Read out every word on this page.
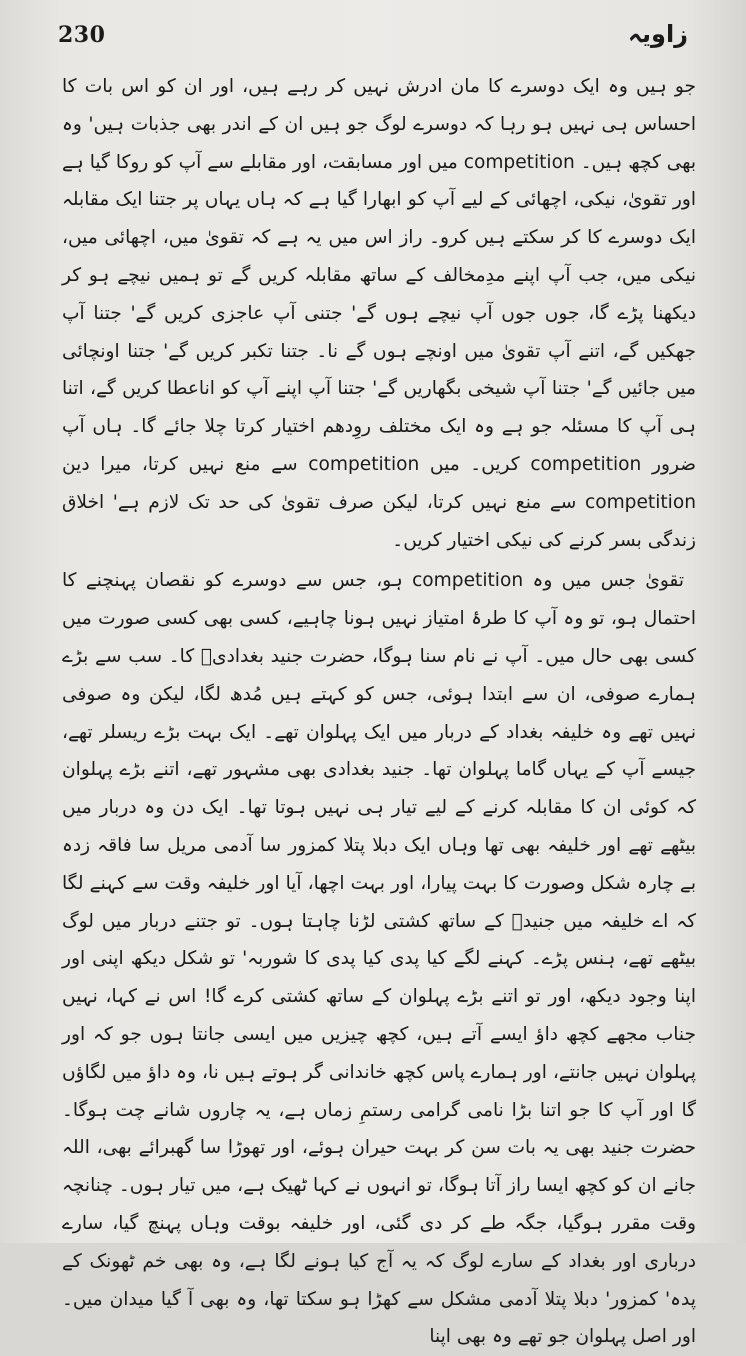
230	زاویہ

جو ہیں وہ ایک دوسرے کا مان ادرش نہیں کر رہے ہیں، اور ان کو اس بات کا احساس ہی نہیں ہو رہا کہ دوسرے لوگ جو ہیں ان کے اندر بھی جذبات ہیں' وہ بھی کچھ ہیں۔ competition میں اور مسابقت، اور مقابلے سے آپ کو روکا گیا ہے اور تقویٰ، نیکی، اچھائی کے لیے آپ کو ابھارا گیا ہے کہ ہاں یہاں پر جتنا ایک مقابلہ ایک دوسرے کا کر سکتے ہیں کرو۔ راز اس میں یہ ہے کہ تقویٰ میں، اچھائی میں، نیکی میں، جب آپ اپنے مدِمخالف کے ساتھ مقابلہ کریں گے تو ہمیں نیچے ہو کر دیکھنا پڑے گا، جوں جوں آپ نیچے ہوں گے' جتنی آپ عاجزی کریں گے' جتنا آپ جھکیں گے، اتنے آپ تقویٰ میں اونچے ہوں گے نا۔ جتنا تکبر کریں گے' جتنا اونچائی میں جائیں گے' جتنا آپ شیخی بگھاریں گے' جتنا آپ اپنے آپ کو اناعطا کریں گے، اتنا ہی آپ کا مسئلہ جو ہے وہ ایک مختلف روِدھم اختیار کرتا چلا جائے گا۔ ہاں آپ ضرور competition کریں۔ میں competition سے منع نہیں کرتا، میرا دین competition سے منع نہیں کرتا، لیکن صرف تقویٰ کی حد تک لازم ہے' اخلاق زندگی بسر کرنے کی نیکی اختیار کریں۔

تقویٰ جس میں وہ competition ہو، جس سے دوسرے کو نقصان پہنچنے کا احتمال ہو، تو وہ آپ کا طرۂ امتیاز نہیں ہونا چاہیے، کسی بھی کسی صورت میں کسی بھی حال میں۔ آپ نے نام سنا ہوگا، حضرت جنید بغدادیؒ کا۔ سب سے بڑے ہمارے صوفی، ان سے ابتدا ہوئی، جس کو کہتے ہیں مُدھ لگا، لیکن وہ صوفی نہیں تھے وہ خلیفہ بغداد کے دربار میں ایک پہلوان تھے۔ ایک بہت بڑے ریسلر تھے، جیسے آپ کے یہاں گاما پہلوان تھا۔ جنید بغدادی بھی مشہور تھے، اتنے بڑے پہلوان کہ کوئی ان کا مقابلہ کرنے کے لیے تیار ہی نہیں ہوتا تھا۔ ایک دن وہ دربار میں بیٹھے تھے اور خلیفہ بھی تھا وہاں ایک دبلا پتلا کمزور سا آدمی مریل سا فاقہ زدہ بے چارہ شکل وصورت کا بہت پیارا، اور بہت اچھا، آیا اور خلیفہ وقت سے کہنے لگا کہ اے خلیفہ میں جنیدؒ کے ساتھ کشتی لڑنا چاہتا ہوں۔ تو جتنے دربار میں لوگ بیٹھے تھے، ہنس پڑے۔ کہنے لگے کیا پدی کیا پدی کا شوربہ' تو شکل دیکھ اپنی اور اپنا وجود دیکھ، اور تو اتنے بڑے پہلوان کے ساتھ کشتی کرے گا! اس نے کہا، نہیں جناب مجھے کچھ داؤ ایسے آتے ہیں، کچھ چیزیں میں ایسی جانتا ہوں جو کہ اور پہلوان نہیں جانتے، اور ہمارے پاس کچھ خاندانی گر ہوتے ہیں نا، وہ داؤ میں لگاؤں گا اور آپ کا جو اتنا بڑا نامی گرامی رستمِ زماں ہے، یہ چاروں شانے چت ہوگا۔ حضرت جنید بھی یہ بات سن کر بہت حیران ہوئے، اور تھوڑا سا گھبرائے بھی، اللہ جانے ان کو کچھ ایسا راز آتا ہوگا، تو انہوں نے کہا ٹھیک ہے، میں تیار ہوں۔ چنانچہ وقت مقرر ہوگیا، جگہ طے کر دی گئی، اور خلیفہ بوقت وہاں پہنچ گیا، سارے درباری اور بغداد کے سارے لوگ کہ یہ آج کیا ہونے لگا ہے، وہ بھی خم ٹھونک کے پدہ' کمزور' دبلا پتلا آدمی مشکل سے کھڑا ہو سکتا تھا، وہ بھی آ گیا میدان میں۔ اور اصل پہلوان جو تھے وہ بھی اپنا
